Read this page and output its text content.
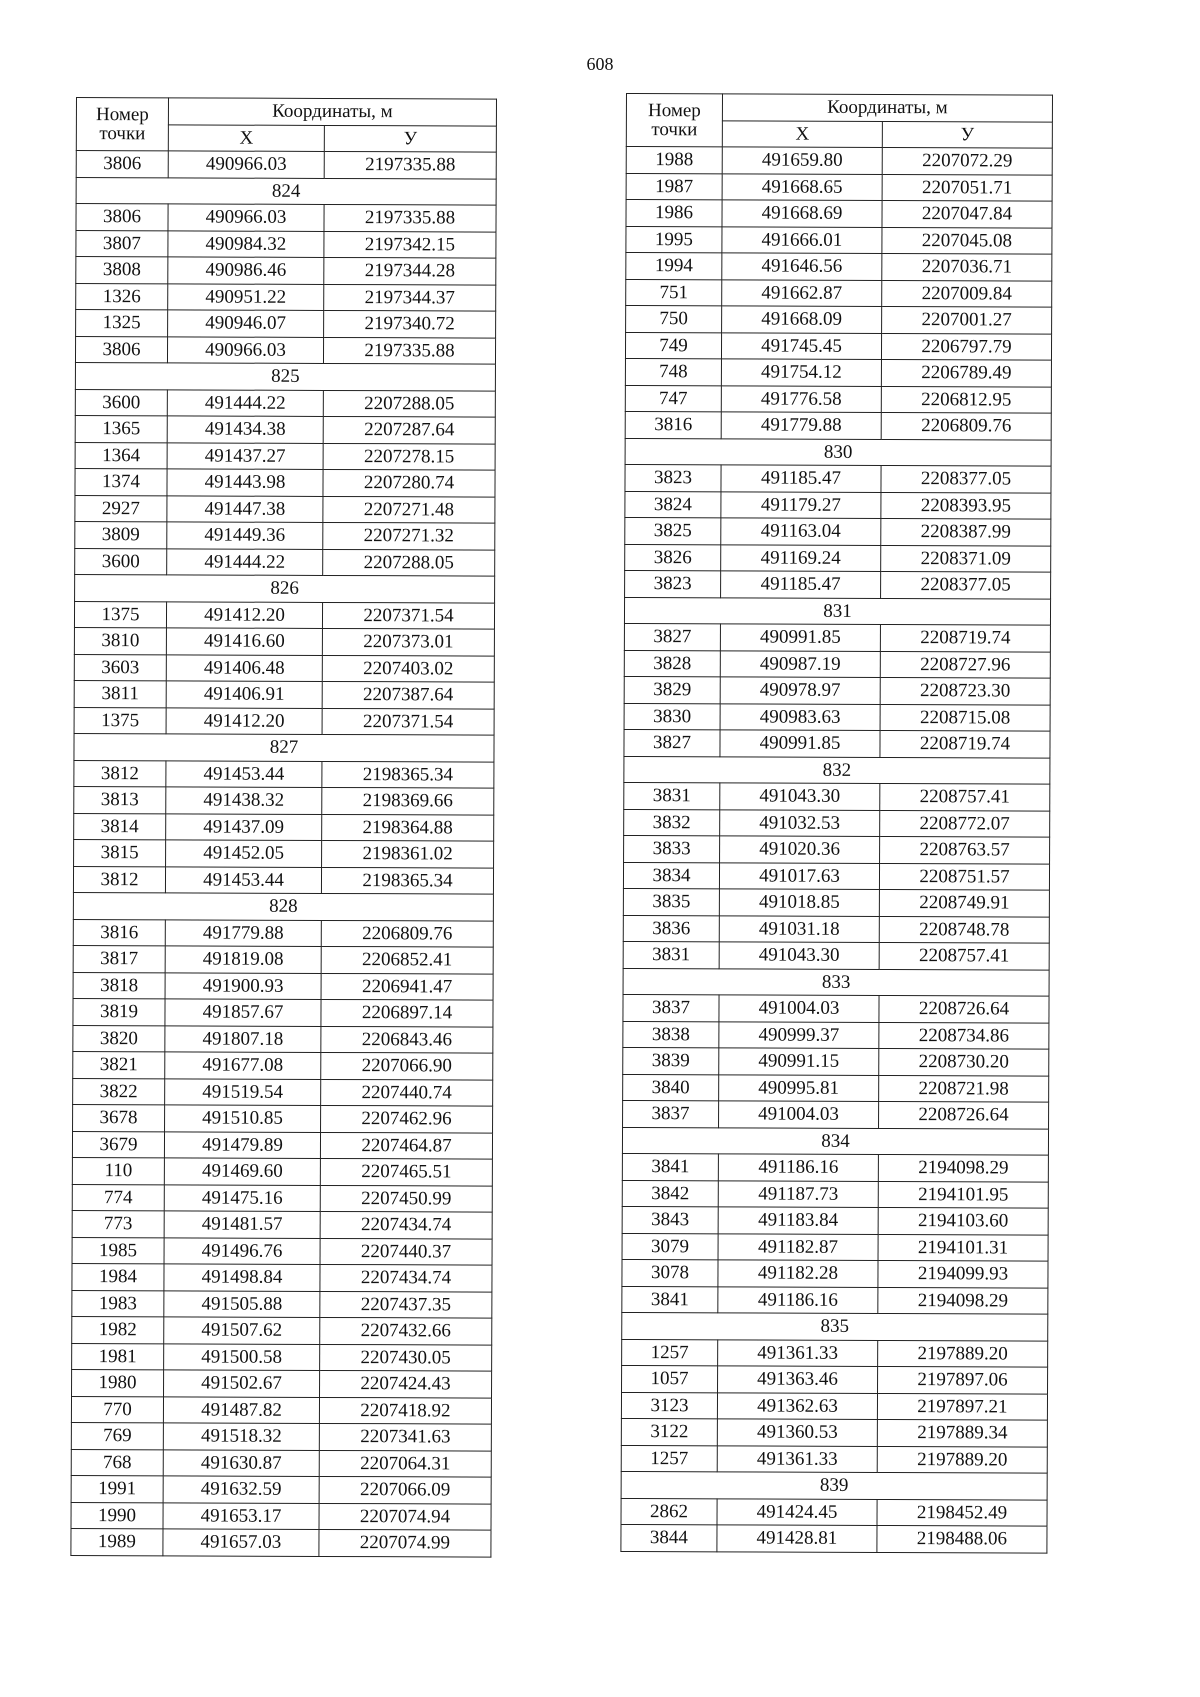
608
Номер
точки	Координаты, м	
	X	У
3806	490966.03	2197335.88
824		
3806	490966.03	2197335.88
3807	490984.32	2197342.15
3808	490986.46	2197344.28
1326	490951.22	2197344.37
1325	490946.07	2197340.72
3806	490966.03	2197335.88
825		
3600	491444.22	2207288.05
1365	491434.38	2207287.64
1364	491437.27	2207278.15
1374	491443.98	2207280.74
2927	491447.38	2207271.48
3809	491449.36	2207271.32
3600	491444.22	2207288.05
826		
1375	491412.20	2207371.54
3810	491416.60	2207373.01
3603	491406.48	2207403.02
3811	491406.91	2207387.64
1375	491412.20	2207371.54
827		
3812	491453.44	2198365.34
3813	491438.32	2198369.66
3814	491437.09	2198364.88
3815	491452.05	2198361.02
3812	491453.44	2198365.34
828		
3816	491779.88	2206809.76
3817	491819.08	2206852.41
3818	491900.93	2206941.47
3819	491857.67	2206897.14
3820	491807.18	2206843.46
3821	491677.08	2207066.90
3822	491519.54	2207440.74
3678	491510.85	2207462.96
3679	491479.89	2207464.87
110	491469.60	2207465.51
774	491475.16	2207450.99
773	491481.57	2207434.74
1985	491496.76	2207440.37
1984	491498.84	2207434.74
1983	491505.88	2207437.35
1982	491507.62	2207432.66
1981	491500.58	2207430.05
1980	491502.67	2207424.43
770	491487.82	2207418.92
769	491518.32	2207341.63
768	491630.87	2207064.31
1991	491632.59	2207066.09
1990	491653.17	2207074.94
1989	491657.03	2207074.99
Номер
точки	Координаты, м	
	X	У
1988	491659.80	2207072.29
1987	491668.65	2207051.71
1986	491668.69	2207047.84
1995	491666.01	2207045.08
1994	491646.56	2207036.71
751	491662.87	2207009.84
750	491668.09	2207001.27
749	491745.45	2206797.79
748	491754.12	2206789.49
747	491776.58	2206812.95
3816	491779.88	2206809.76
830		
3823	491185.47	2208377.05
3824	491179.27	2208393.95
3825	491163.04	2208387.99
3826	491169.24	2208371.09
3823	491185.47	2208377.05
831		
3827	490991.85	2208719.74
3828	490987.19	2208727.96
3829	490978.97	2208723.30
3830	490983.63	2208715.08
3827	490991.85	2208719.74
832		
3831	491043.30	2208757.41
3832	491032.53	2208772.07
3833	491020.36	2208763.57
3834	491017.63	2208751.57
3835	491018.85	2208749.91
3836	491031.18	2208748.78
3831	491043.30	2208757.41
833		
3837	491004.03	2208726.64
3838	490999.37	2208734.86
3839	490991.15	2208730.20
3840	490995.81	2208721.98
3837	491004.03	2208726.64
834		
3841	491186.16	2194098.29
3842	491187.73	2194101.95
3843	491183.84	2194103.60
3079	491182.87	2194101.31
3078	491182.28	2194099.93
3841	491186.16	2194098.29
835		
1257	491361.33	2197889.20
1057	491363.46	2197897.06
3123	491362.63	2197897.21
3122	491360.53	2197889.34
1257	491361.33	2197889.20
839		
2862	491424.45	2198452.49
3844	491428.81	2198488.06
